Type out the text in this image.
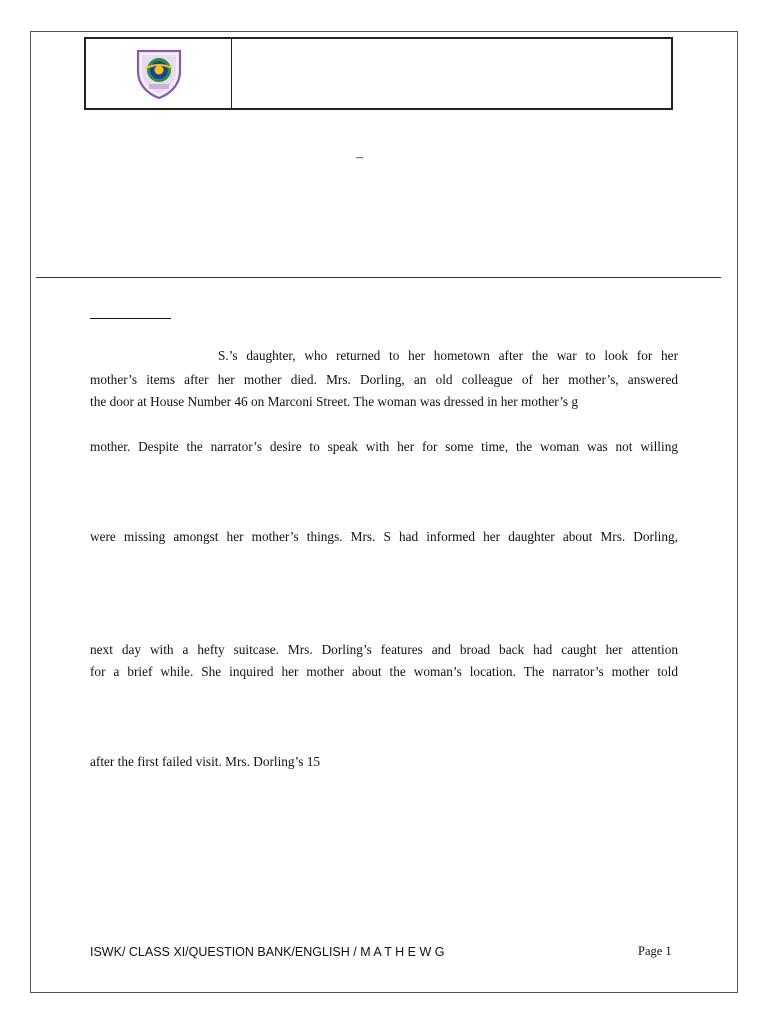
–
S.’s daughter, who returned to her hometown after the war to look for her
mother’s items after her mother died. Mrs. Dorling, an old colleague of her mother’s, answered
the door at House Number 46 on Marconi Street. The woman was dressed in her mother’s g
mother. Despite the narrator’s desire to speak with her for some time, the woman was not willing
were missing amongst her mother’s things. Mrs. S had informed her daughter about Mrs. Dorling,
next day with a hefty suitcase. Mrs. Dorling’s features and broad back had caught her attention
for a brief while. She inquired her mother about the woman’s location. The narrator’s mother told
after the first failed visit. Mrs. Dorling’s 15
ISWK/ CLASS XI/QUESTION BANK/ENGLISH / M A T H E W G	Page 1
